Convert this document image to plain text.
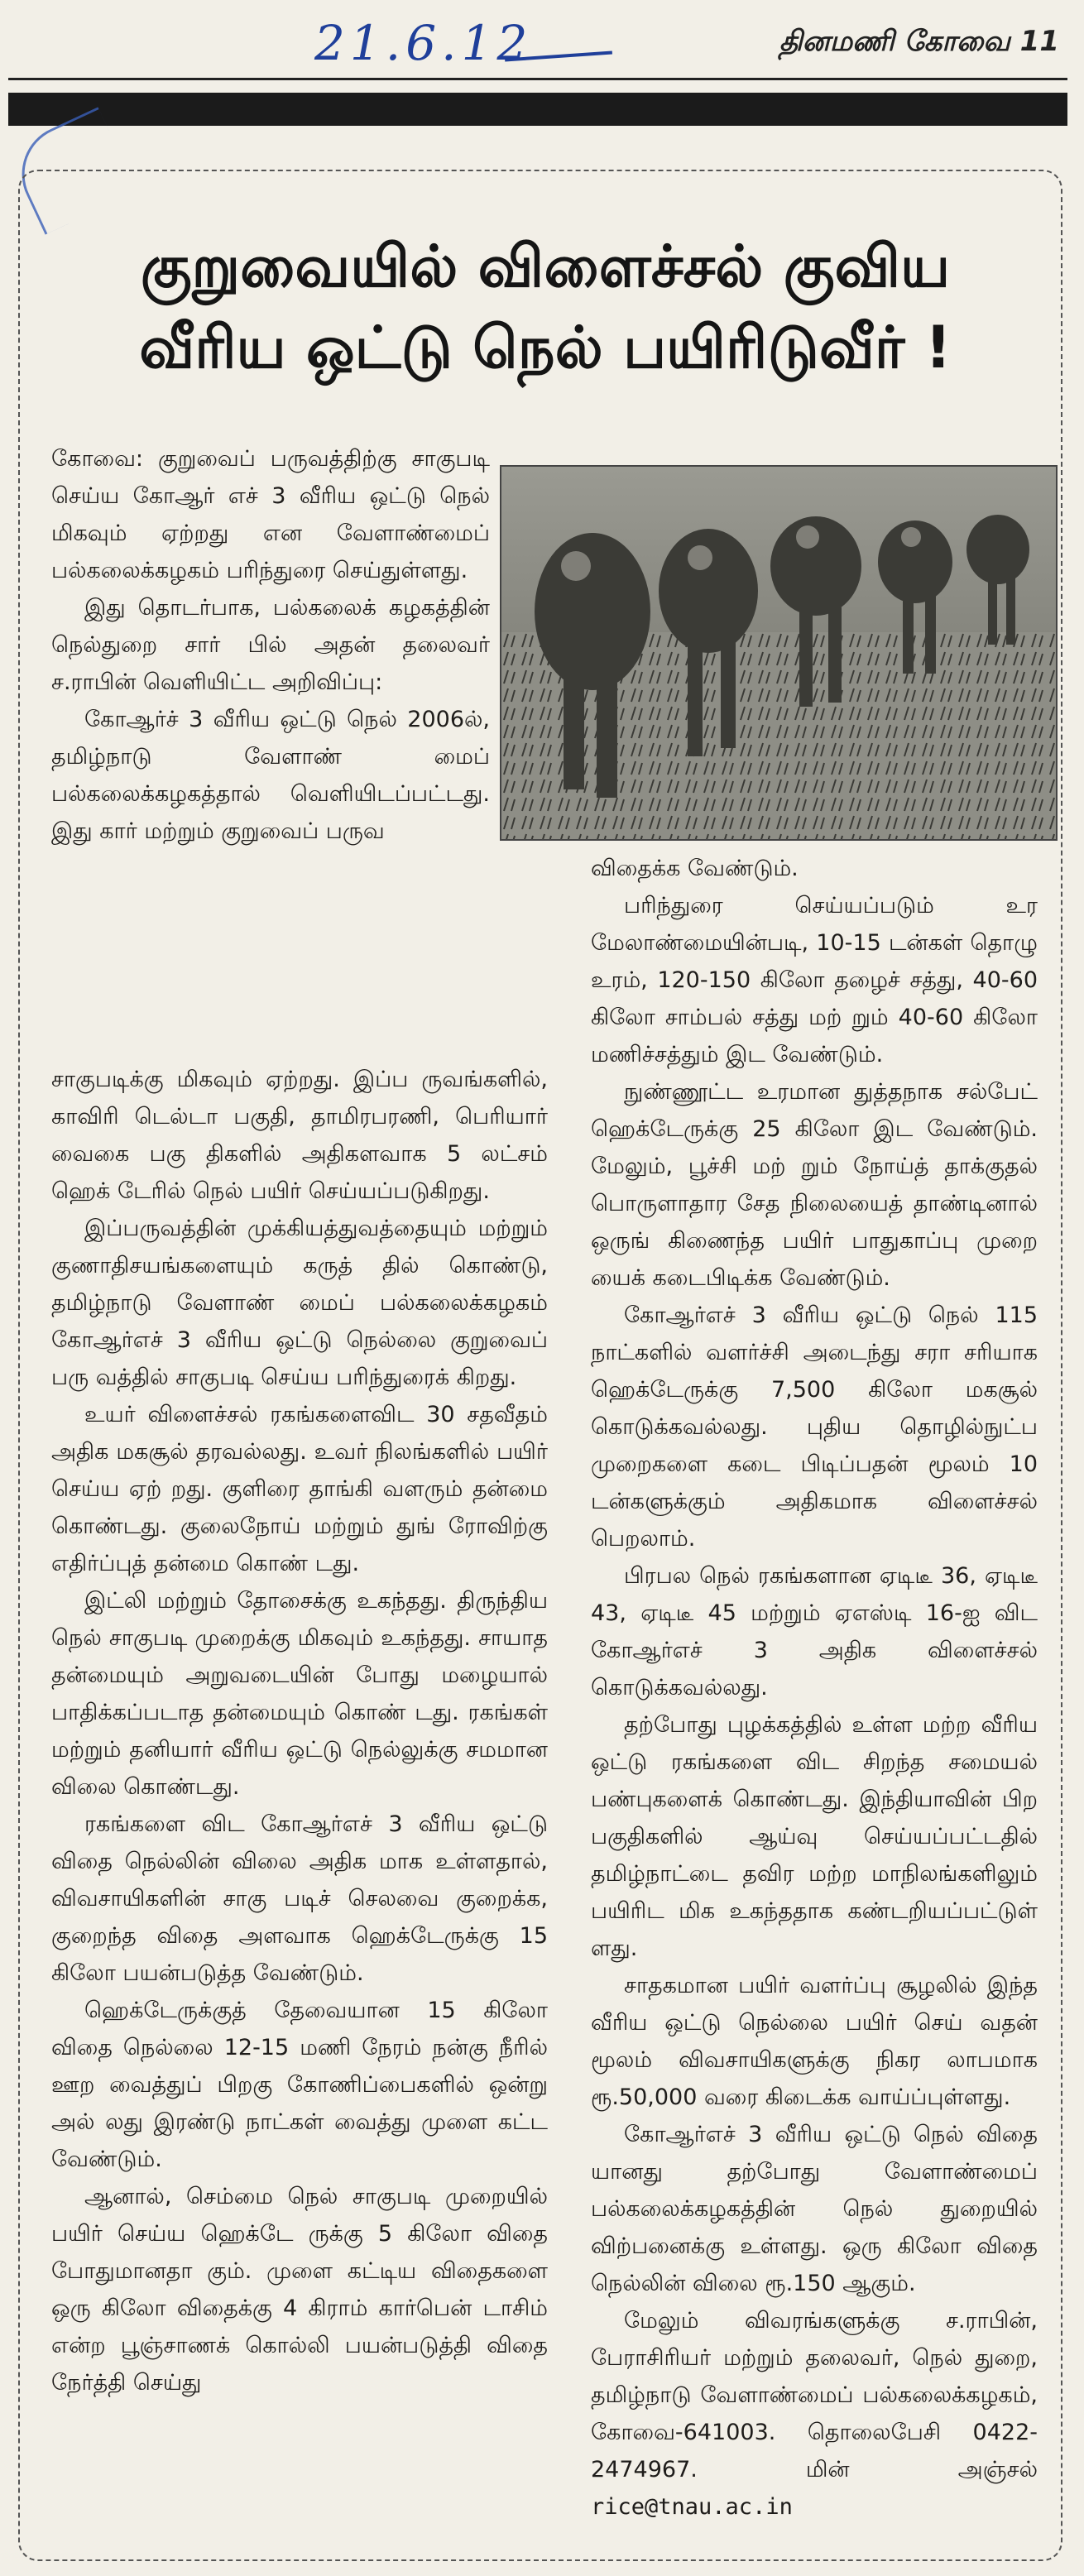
21.6.12	தினமணி கோவை 11
குறுவையில் விளைச்சல் குவிய
வீரிய ஒட்டு நெல் பயிரிடுவீர் !

கோவை: குறுவைப் பருவத்திற்கு சாகுபடி செய்ய கோஆர் எச் 3 வீரிய ஒட்டு நெல் மிகவும் ஏற்றது என வேளாண்மைப் பல்கலைக்கழகம் பரிந்துரை செய்துள்ளது.

இது தொடர்பாக, பல்கலைக் கழகத்தின் நெல்துறை சார் பில் அதன் தலைவர் ச.ராபின் வெளியிட்ட அறிவிப்பு:

கோஆர்ச் 3 வீரிய ஒட்டு நெல் 2006ல், தமிழ்நாடு வேளாண் மைப் பல்கலைக்கழகத்தால் வெளியிடப்பட்டது. இது கார் மற்றும் குறுவைப் பருவ

சாகுபடிக்கு மிகவும் ஏற்றது. இப்ப ருவங்களில், காவிரி டெல்டா பகுதி, தாமிரபரணி, பெரியார் வைகை பகு திகளில் அதிகளவாக 5 லட்சம் ஹெக் டேரில் நெல் பயிர் செய்யப்படுகிறது.

இப்பருவத்தின் முக்கியத்துவத்தையும் மற்றும் குணாதிசயங்களையும் கருத் தில் கொண்டு, தமிழ்நாடு வேளாண் மைப் பல்கலைக்கழகம் கோஆர்எச் 3 வீரிய ஒட்டு நெல்லை குறுவைப் பரு வத்தில் சாகுபடி செய்ய பரிந்துரைக் கிறது.

உயர் விளைச்சல் ரகங்களைவிட 30 சதவீதம் அதிக மகசூல் தரவல்லது. உவர் நிலங்களில் பயிர் செய்ய ஏற் றது. குளிரை தாங்கி வளரும் தன்மை கொண்டது. குலைநோய் மற்றும் துங் ரோவிற்கு எதிர்ப்புத் தன்மை கொண் டது.

இட்லி மற்றும் தோசைக்கு உகந்தது. திருந்திய நெல் சாகுபடி முறைக்கு மிகவும் உகந்தது. சாயாத தன்மையும் அறுவடையின் போது மழையால் பாதிக்கப்படாத தன்மையும் கொண் டது. ரகங்கள் மற்றும் தனியார் வீரிய ஒட்டு நெல்லுக்கு சமமான விலை கொண்டது.

ரகங்களை விட கோஆர்எச் 3 வீரிய ஒட்டு விதை நெல்லின் விலை அதிக மாக உள்ளதால், விவசாயிகளின் சாகு படிச் செலவை குறைக்க, குறைந்த விதை அளவாக ஹெக்டேருக்கு 15 கிலோ பயன்படுத்த வேண்டும்.

ஹெக்டேருக்குத் தேவையான 15 கிலோ விதை நெல்லை 12-15 மணி நேரம் நன்கு நீரில் ஊற வைத்துப் பிறகு கோணிப்பைகளில் ஒன்று அல் லது இரண்டு நாட்கள் வைத்து முளை கட்ட வேண்டும்.

ஆனால், செம்மை நெல் சாகுபடி முறையில் பயிர் செய்ய ஹெக்டே ருக்கு 5 கிலோ விதை போதுமானதா கும். முளை கட்டிய விதைகளை ஒரு கிலோ விதைக்கு 4 கிராம் கார்பென் டாசிம் என்ற பூஞ்சாணக் கொல்லி பயன்படுத்தி விதை நேர்த்தி செய்து

விதைக்க வேண்டும்.

பரிந்துரை செய்யப்படும் உர மேலாண்மையின்படி, 10-15 டன்கள் தொழு உரம், 120-150 கிலோ தழைச் சத்து, 40-60 கிலோ சாம்பல் சத்து மற் றும் 40-60 கிலோ மணிச்சத்தும் இட வேண்டும்.

நுண்ணூட்ட உரமான துத்தநாக சல்பேட் ஹெக்டேருக்கு 25 கிலோ இட வேண்டும். மேலும், பூச்சி மற் றும் நோய்த் தாக்குதல் பொருளாதார சேத நிலையைத் தாண்டினால் ஒருங் கிணைந்த பயிர் பாதுகாப்பு முறை யைக் கடைபிடிக்க வேண்டும்.

கோஆர்எச் 3 வீரிய ஒட்டு நெல் 115 நாட்களில் வளர்ச்சி அடைந்து சரா சரியாக ஹெக்டேருக்கு 7,500 கிலோ மகசூல் கொடுக்கவல்லது. புதிய தொழில்நுட்ப முறைகளை கடை பிடிப்பதன் மூலம் 10 டன்களுக்கும் அதிகமாக விளைச்சல் பெறலாம்.

பிரபல நெல் ரகங்களான ஏடிடீ 36, ஏடிடீ 43, ஏடிடீ 45 மற்றும் ஏஎஸ்டி 16-ஐ விட கோஆர்எச் 3 அதிக விளைச்சல் கொடுக்கவல்லது.

தற்போது புழக்கத்தில் உள்ள மற்ற வீரிய ஒட்டு ரகங்களை விட சிறந்த சமையல் பண்புகளைக் கொண்டது. இந்தியாவின் பிற பகுதிகளில் ஆய்வு செய்யப்பட்டதில் தமிழ்நாட்டை தவிர மற்ற மாநிலங்களிலும் பயிரிட மிக உகந்ததாக கண்டறியப்பட்டுள் ளது.

சாதகமான பயிர் வளர்ப்பு சூழலில் இந்த வீரிய ஒட்டு நெல்லை பயிர் செய் வதன் மூலம் விவசாயிகளுக்கு நிகர லாபமாக ரூ.50,000 வரை கிடைக்க வாய்ப்புள்ளது.

கோஆர்எச் 3 வீரிய ஒட்டு நெல் விதை யானது தற்போது வேளாண்மைப் பல்கலைக்கழகத்தின் நெல் துறையில் விற்பனைக்கு உள்ளது. ஒரு கிலோ விதை நெல்லின் விலை ரூ.150 ஆகும்.

மேலும் விவரங்களுக்கு ச.ராபின், பேராசிரியர் மற்றும் தலைவர், நெல் துறை, தமிழ்நாடு வேளாண்மைப் பல்கலைக்கழகம், கோவை-641003. தொலைபேசி 0422-2474967. மின் அஞ்சல் rice@tnau.ac.in
